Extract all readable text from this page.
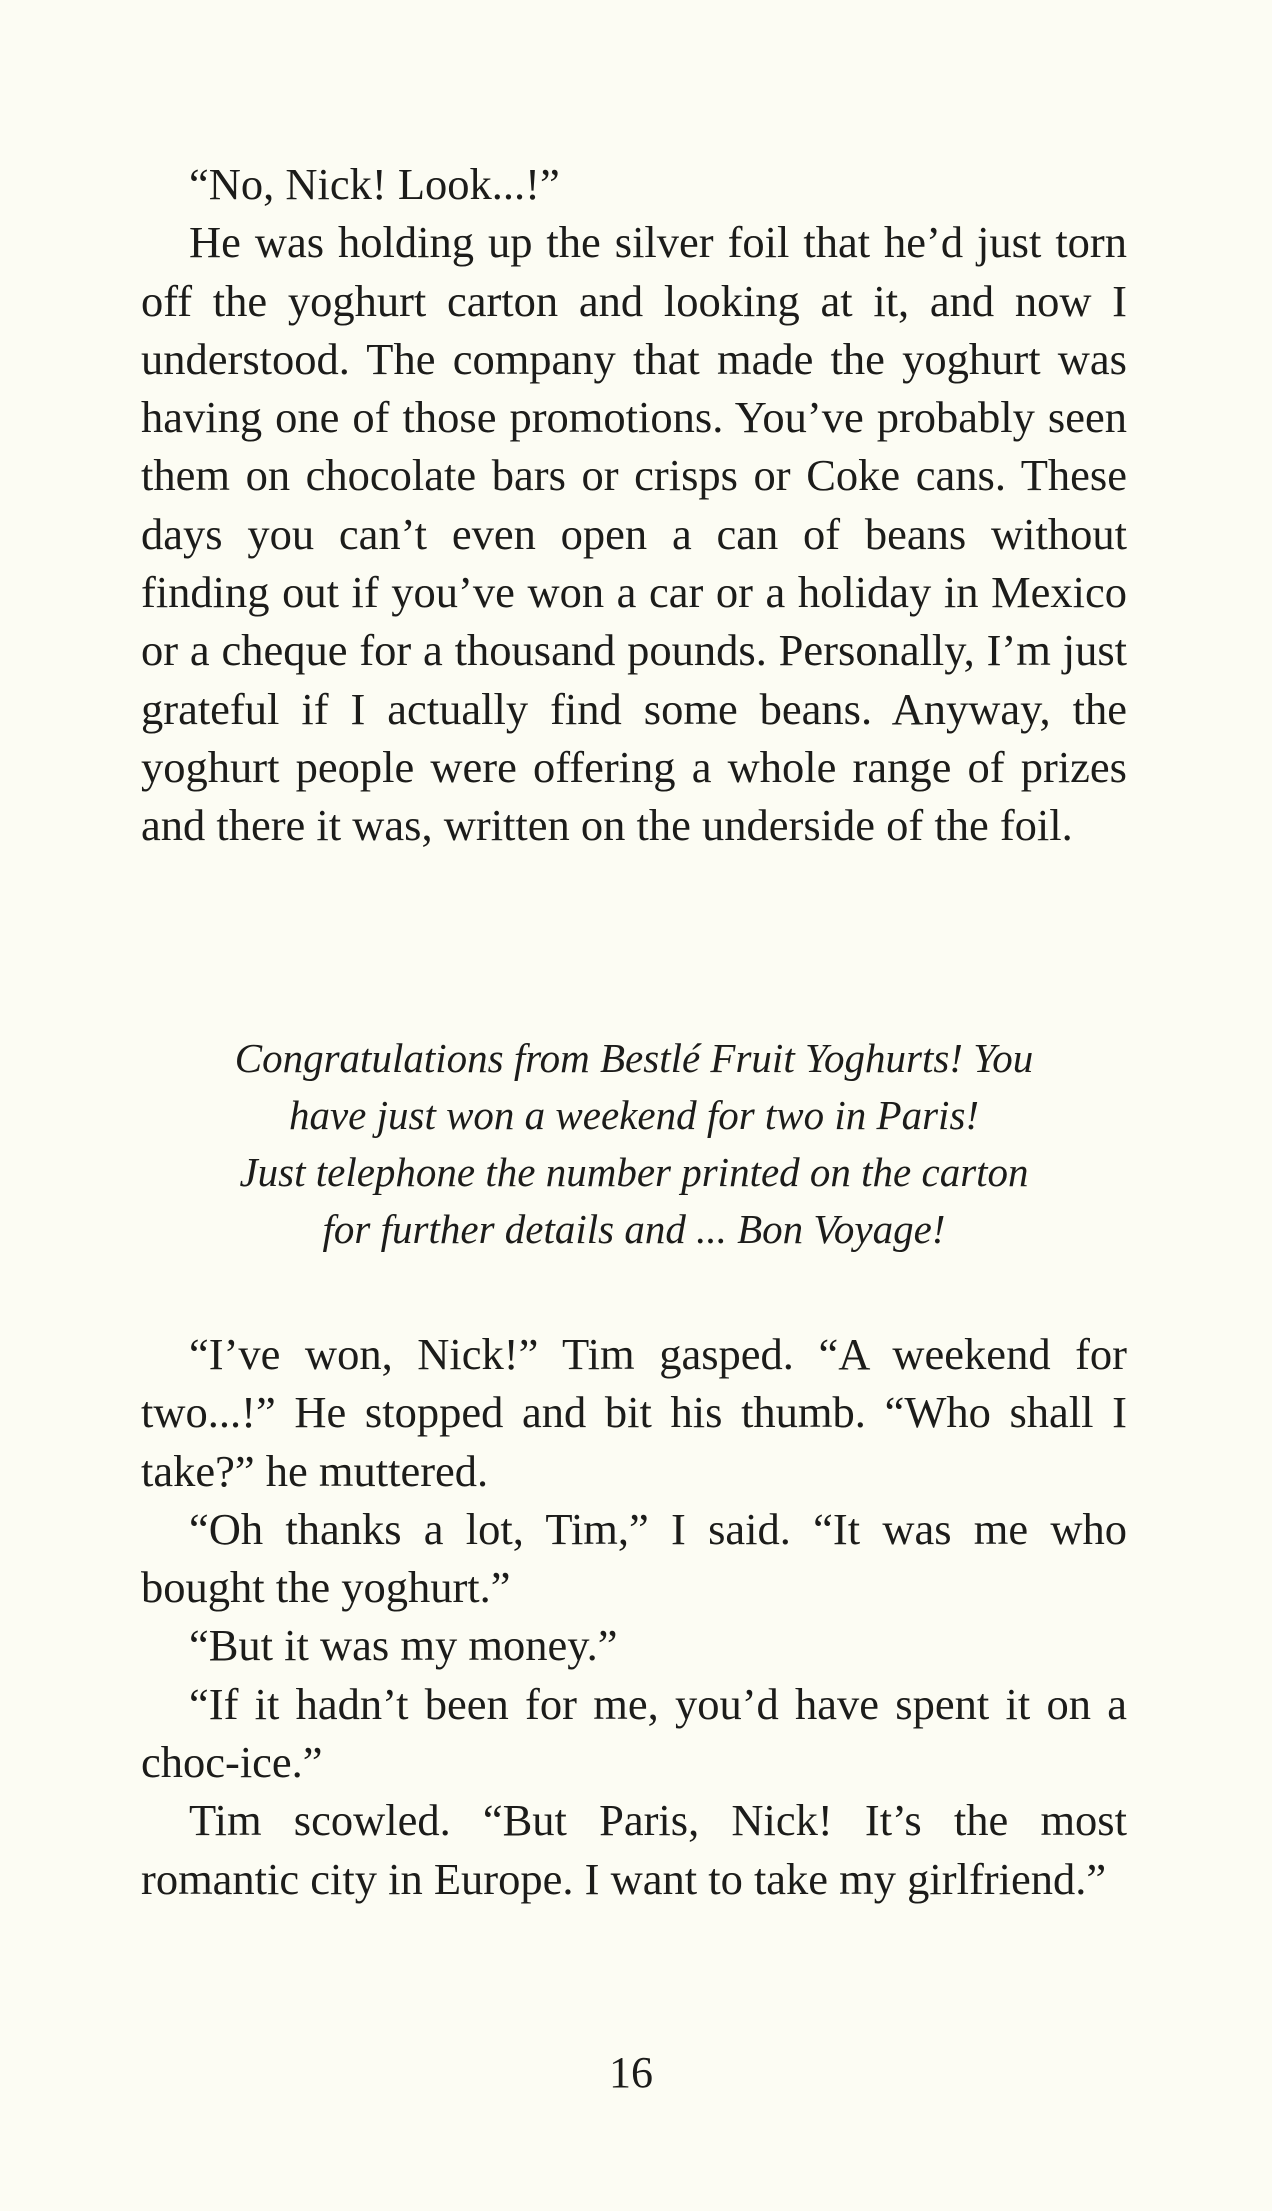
“No, Nick! Look...!”

He was holding up the silver foil that he’d just torn off the yoghurt carton and looking at it, and now I understood. The company that made the yoghurt was having one of those promotions. You’ve probably seen them on chocolate bars or crisps or Coke cans. These days you can’t even open a can of beans without finding out if you’ve won a car or a holiday in Mexico or a cheque for a thousand pounds. Personally, I’m just grateful if I actually find some beans. Anyway, the yoghurt people were offering a whole range of prizes and there it was, written on the underside of the foil.

Congratulations from Bestlé Fruit Yoghurts! You
have just won a weekend for two in Paris!
Just telephone the number printed on the carton
for further details and ... Bon Voyage!

“I’ve won, Nick!” Tim gasped. “A weekend for two...!” He stopped and bit his thumb. “Who shall I take?” he muttered.

“Oh thanks a lot, Tim,” I said. “It was me who bought the yoghurt.”

“But it was my money.”

“If it hadn’t been for me, you’d have spent it on a choc-ice.”

Tim scowled. “But Paris, Nick! It’s the most romantic city in Europe. I want to take my girlfriend.”

16
